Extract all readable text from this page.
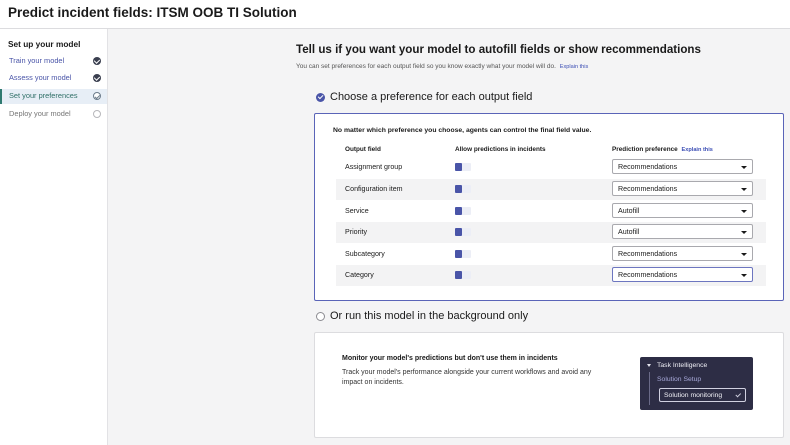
Predict incident fields: ITSM OOB TI Solution
Set up your model
Train your model
Assess your model
Set your preferences
Deploy your model
Tell us if you want your model to autofill fields or show recommendations
You can set preferences for each output field so you know exactly what your model will do. Explain this
Choose a preference for each output field
No matter which preference you choose, agents can control the final field value.
Output field	Allow predictions in incidents	Prediction preference Explain this
Assignment group	Recommendations
Configuration item	Recommendations
Service	Autofill
Priority	Autofill
Subcategory	Recommendations
Category	Recommendations
Or run this model in the background only
Monitor your model's predictions but don't use them in incidents
Track your model's performance alongside your current workflows and avoid any impact on incidents.
Task Intelligence
Solution Setup
Solution monitoring
